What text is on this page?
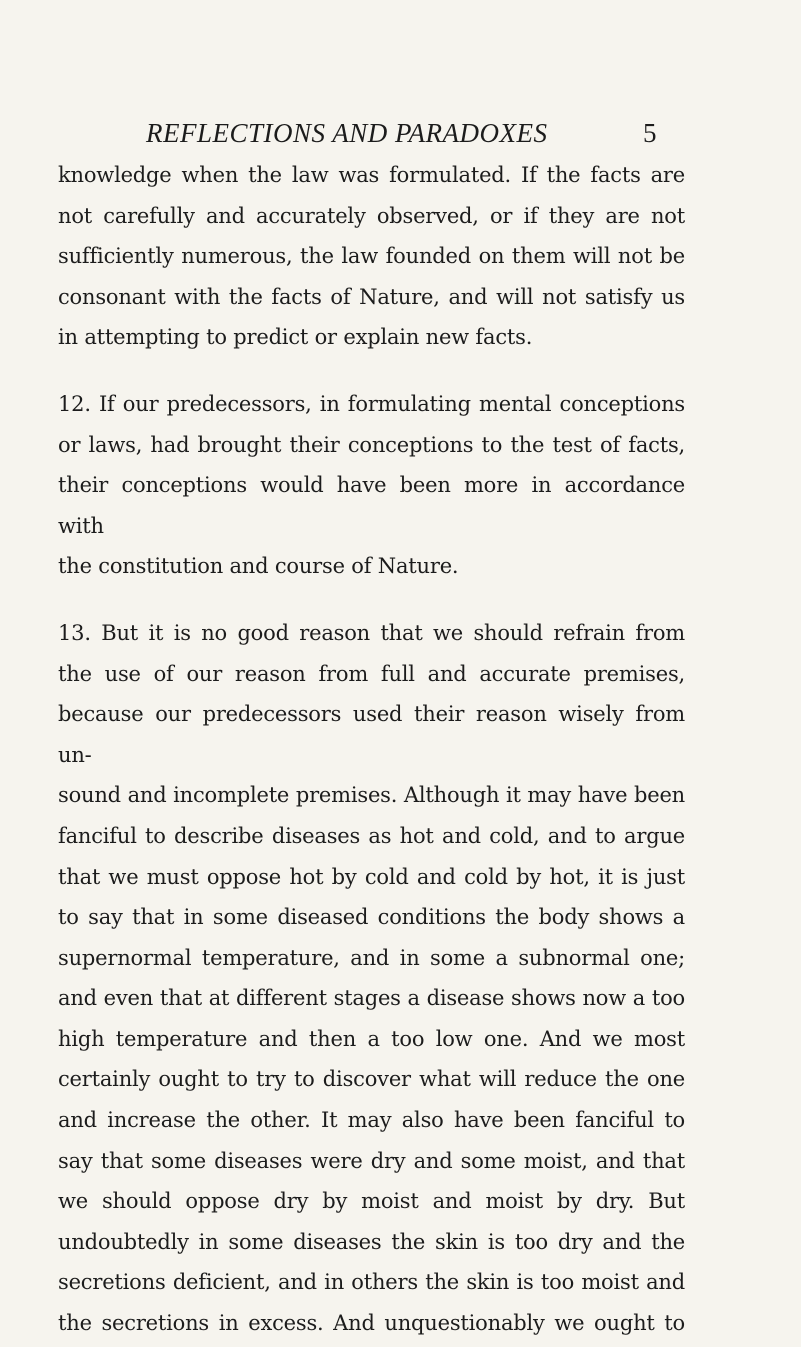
REFLECTIONS AND PARADOXES	5

knowledge when the law was formulated. If the facts are
not carefully and accurately observed, or if they are not
sufficiently numerous, the law founded on them will not be
consonant with the facts of Nature, and will not satisfy us
in attempting to predict or explain new facts.

12. If our predecessors, in formulating mental conceptions
or laws, had brought their conceptions to the test of facts,
their conceptions would have been more in accordance with
the constitution and course of Nature.

13. But it is no good reason that we should refrain from
the use of our reason from full and accurate premises,
because our predecessors used their reason wisely from un-
sound and incomplete premises. Although it may have been
fanciful to describe diseases as hot and cold, and to argue
that we must oppose hot by cold and cold by hot, it is just
to say that in some diseased conditions the body shows a
supernormal temperature, and in some a subnormal one;
and even that at different stages a disease shows now a too
high temperature and then a too low one. And we most
certainly ought to try to discover what will reduce the one
and increase the other. It may also have been fanciful to
say that some diseases were dry and some moist, and that
we should oppose dry by moist and moist by dry. But
undoubtedly in some diseases the skin is too dry and the
secretions deficient, and in others the skin is too moist and
the secretions in excess. And unquestionably we ought to
